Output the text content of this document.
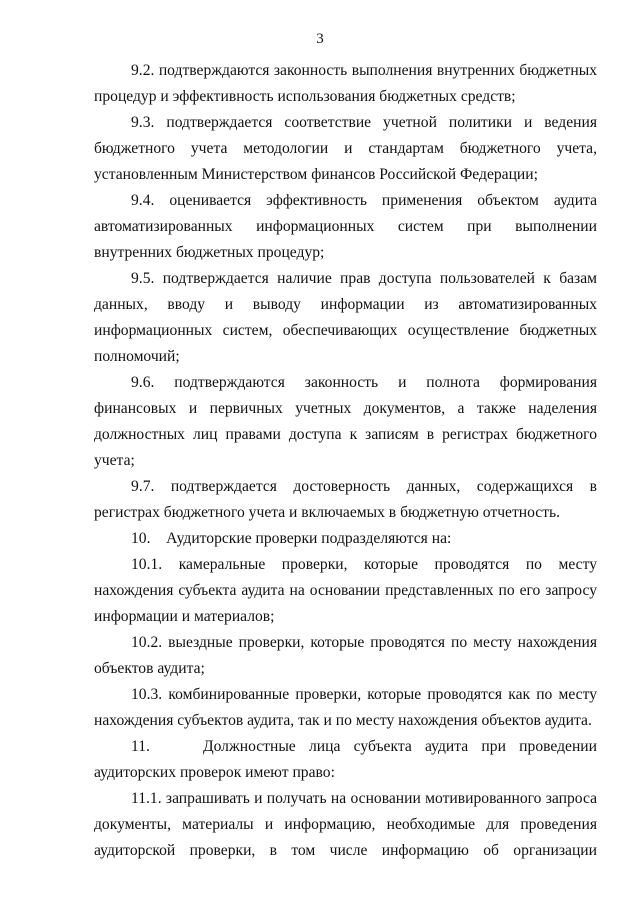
3

9.2. подтверждаются законность выполнения внутренних бюджетных процедур и эффективность использования бюджетных средств;

9.3. подтверждается соответствие учетной политики и ведения бюджетного учета методологии и стандартам бюджетного учета, установленным Министерством финансов Российской Федерации;

9.4. оценивается эффективность применения объектом аудита автоматизированных информационных систем при выполнении внутренних бюджетных процедур;

9.5. подтверждается наличие прав доступа пользователей к базам данных, вводу и выводу информации из автоматизированных информационных систем, обеспечивающих осуществление бюджетных полномочий;

9.6. подтверждаются законность и полнота формирования финансовых и первичных учетных документов, а также наделения должностных лиц правами доступа к записям в регистрах бюджетного учета;

9.7. подтверждается достоверность данных, содержащихся в регистрах бюджетного учета и включаемых в бюджетную отчетность.

10.    Аудиторские проверки подразделяются на:

10.1. камеральные проверки, которые проводятся по месту нахождения субъекта аудита на основании представленных по его запросу информации и материалов;

10.2. выездные проверки, которые проводятся по месту нахождения объектов аудита;

10.3. комбинированные проверки, которые проводятся как по месту нахождения субъектов аудита, так и по месту нахождения объектов аудита.

11.    Должностные лица субъекта аудита при проведении аудиторских проверок имеют право:

11.1. запрашивать и получать на основании мотивированного запроса документы, материалы и информацию, необходимые для проведения аудиторской проверки, в том числе информацию об организации
